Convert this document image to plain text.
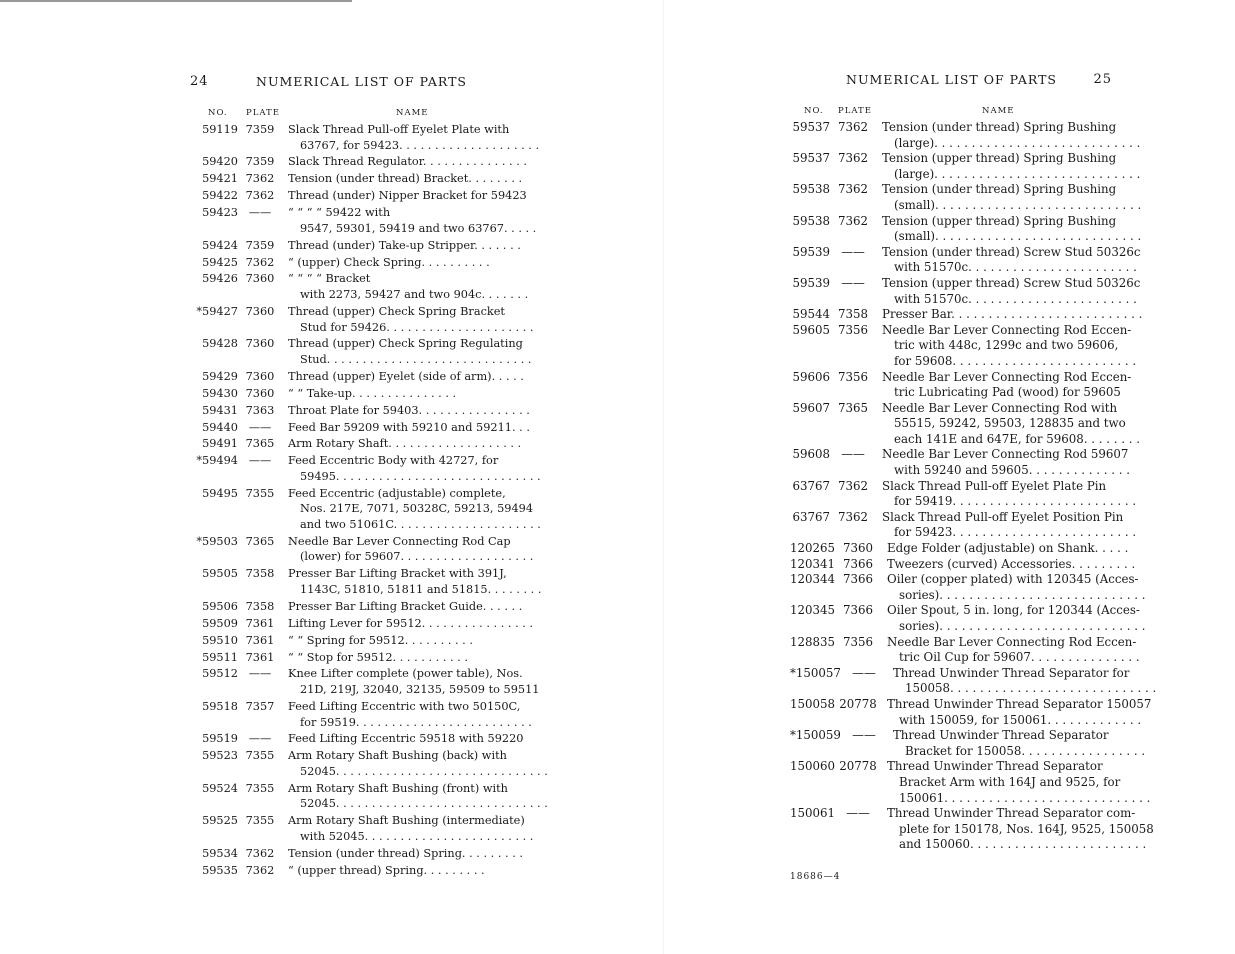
24	NUMERICAL LIST OF PARTS
NO. PLATE	NAME
59119 7359	Slack Thread Pull-off Eyelet Plate with
63767, for 59423. . . . . . . . . . . . . . . . . . . .
59420 7359	Slack Thread Regulator. . . . . . . . . . . . . . .
59421 7362	Tension (under thread) Bracket. . . . . . . .
59422 7362	Thread (under) Nipper Bracket for 59423
59423 ——	“ “ “ “ 59422 with
9547, 59301, 59419 and two 63767. . . . .
59424 7359	Thread (under) Take-up Stripper. . . . . . .
59425 7362	“ (upper) Check Spring. . . . . . . . . .
59426 7360	“ “ “ “ Bracket
with 2273, 59427 and two 904c. . . . . . .
*59427 7360	Thread (upper) Check Spring Bracket
Stud for 59426. . . . . . . . . . . . . . . . . . . . .
59428 7360	Thread (upper) Check Spring Regulating
Stud. . . . . . . . . . . . . . . . . . . . . . . . . . . . .
59429 7360	Thread (upper) Eyelet (side of arm). . . . .
59430 7360	“ “ Take-up. . . . . . . . . . . . . . .
59431 7363	Throat Plate for 59403. . . . . . . . . . . . . . . .
59440 ——	Feed Bar 59209 with 59210 and 59211. . .
59491 7365	Arm Rotary Shaft. . . . . . . . . . . . . . . . . . .
*59494 ——	Feed Eccentric Body with 42727, for
59495. . . . . . . . . . . . . . . . . . . . . . . . . . . . .
59495 7355	Feed Eccentric (adjustable) complete,
Nos. 217E, 7071, 50328C, 59213, 59494
and two 51061C. . . . . . . . . . . . . . . . . . . . .
*59503 7365	Needle Bar Lever Connecting Rod Cap
(lower) for 59607. . . . . . . . . . . . . . . . . . .
59505 7358	Presser Bar Lifting Bracket with 391J,
1143C, 51810, 51811 and 51815. . . . . . . .
59506 7358	Presser Bar Lifting Bracket Guide. . . . . .
59509 7361	Lifting Lever for 59512. . . . . . . . . . . . . . . .
59510 7361	“ “ Spring for 59512. . . . . . . . . .
59511 7361	“ “ Stop for 59512. . . . . . . . . . .
59512 ——	Knee Lifter complete (power table), Nos.
21D, 219J, 32040, 32135, 59509 to 59511
59518 7357	Feed Lifting Eccentric with two 50150C,
for 59519. . . . . . . . . . . . . . . . . . . . . . . . .
59519 ——	Feed Lifting Eccentric 59518 with 59220
59523 7355	Arm Rotary Shaft Bushing (back) with
52045. . . . . . . . . . . . . . . . . . . . . . . . . . . . . .
59524 7355	Arm Rotary Shaft Bushing (front) with
52045. . . . . . . . . . . . . . . . . . . . . . . . . . . . . .
59525 7355	Arm Rotary Shaft Bushing (intermediate)
with 52045. . . . . . . . . . . . . . . . . . . . . . . .
59534 7362	Tension (under thread) Spring. . . . . . . . .
59535 7362	“ (upper thread) Spring. . . . . . . . .
NUMERICAL LIST OF PARTS	25
NO. PLATE	NAME
59537 7362	Tension (under thread) Spring Bushing
(large). . . . . . . . . . . . . . . . . . . . . . . . . . . .
59537 7362	Tension (upper thread) Spring Bushing
(large). . . . . . . . . . . . . . . . . . . . . . . . . . . .
59538 7362	Tension (under thread) Spring Bushing
(small). . . . . . . . . . . . . . . . . . . . . . . . . . . .
59538 7362	Tension (upper thread) Spring Bushing
(small). . . . . . . . . . . . . . . . . . . . . . . . . . . .
59539 ——	Tension (under thread) Screw Stud 50326c
with 51570c. . . . . . . . . . . . . . . . . . . . . . .
59539 ——	Tension (upper thread) Screw Stud 50326c
with 51570c. . . . . . . . . . . . . . . . . . . . . . .
59544 7358	Presser Bar. . . . . . . . . . . . . . . . . . . . . . . . . .
59605 7356	Needle Bar Lever Connecting Rod Eccen-
tric with 448c, 1299c and two 59606,
for 59608. . . . . . . . . . . . . . . . . . . . . . . . .
59606 7356	Needle Bar Lever Connecting Rod Eccen-
tric Lubricating Pad (wood) for 59605
59607 7365	Needle Bar Lever Connecting Rod with
55515, 59242, 59503, 128835 and two
each 141E and 647E, for 59608. . . . . . . .
59608 ——	Needle Bar Lever Connecting Rod 59607
with 59240 and 59605. . . . . . . . . . . . . .
63767 7362	Slack Thread Pull-off Eyelet Plate Pin
for 59419. . . . . . . . . . . . . . . . . . . . . . . . .
63767 7362	Slack Thread Pull-off Eyelet Position Pin
for 59423. . . . . . . . . . . . . . . . . . . . . . . . .
120265 7360	Edge Folder (adjustable) on Shank. . . . .
120341 7366	Tweezers (curved) Accessories. . . . . . . . .
120344 7366	Oiler (copper plated) with 120345 (Acces-
sories). . . . . . . . . . . . . . . . . . . . . . . . . . . .
120345 7366	Oiler Spout, 5 in. long, for 120344 (Acces-
sories). . . . . . . . . . . . . . . . . . . . . . . . . . . .
128835 7356	Needle Bar Lever Connecting Rod Eccen-
tric Oil Cup for 59607. . . . . . . . . . . . . . .
*150057 ——	Thread Unwinder Thread Separator for
150058. . . . . . . . . . . . . . . . . . . . . . . . . . . .
150058 20778 Thread Unwinder Thread Separator 150057
with 150059, for 150061. . . . . . . . . . . . .
*150059 ——	Thread Unwinder Thread Separator
Bracket for 150058. . . . . . . . . . . . . . . . .
150060 20778 Thread Unwinder Thread Separator
Bracket Arm with 164J and 9525, for
150061. . . . . . . . . . . . . . . . . . . . . . . . . . . .
150061 ——	Thread Unwinder Thread Separator com-
plete for 150178, Nos. 164J, 9525, 150058
and 150060. . . . . . . . . . . . . . . . . . . . . . . .
18686—4
